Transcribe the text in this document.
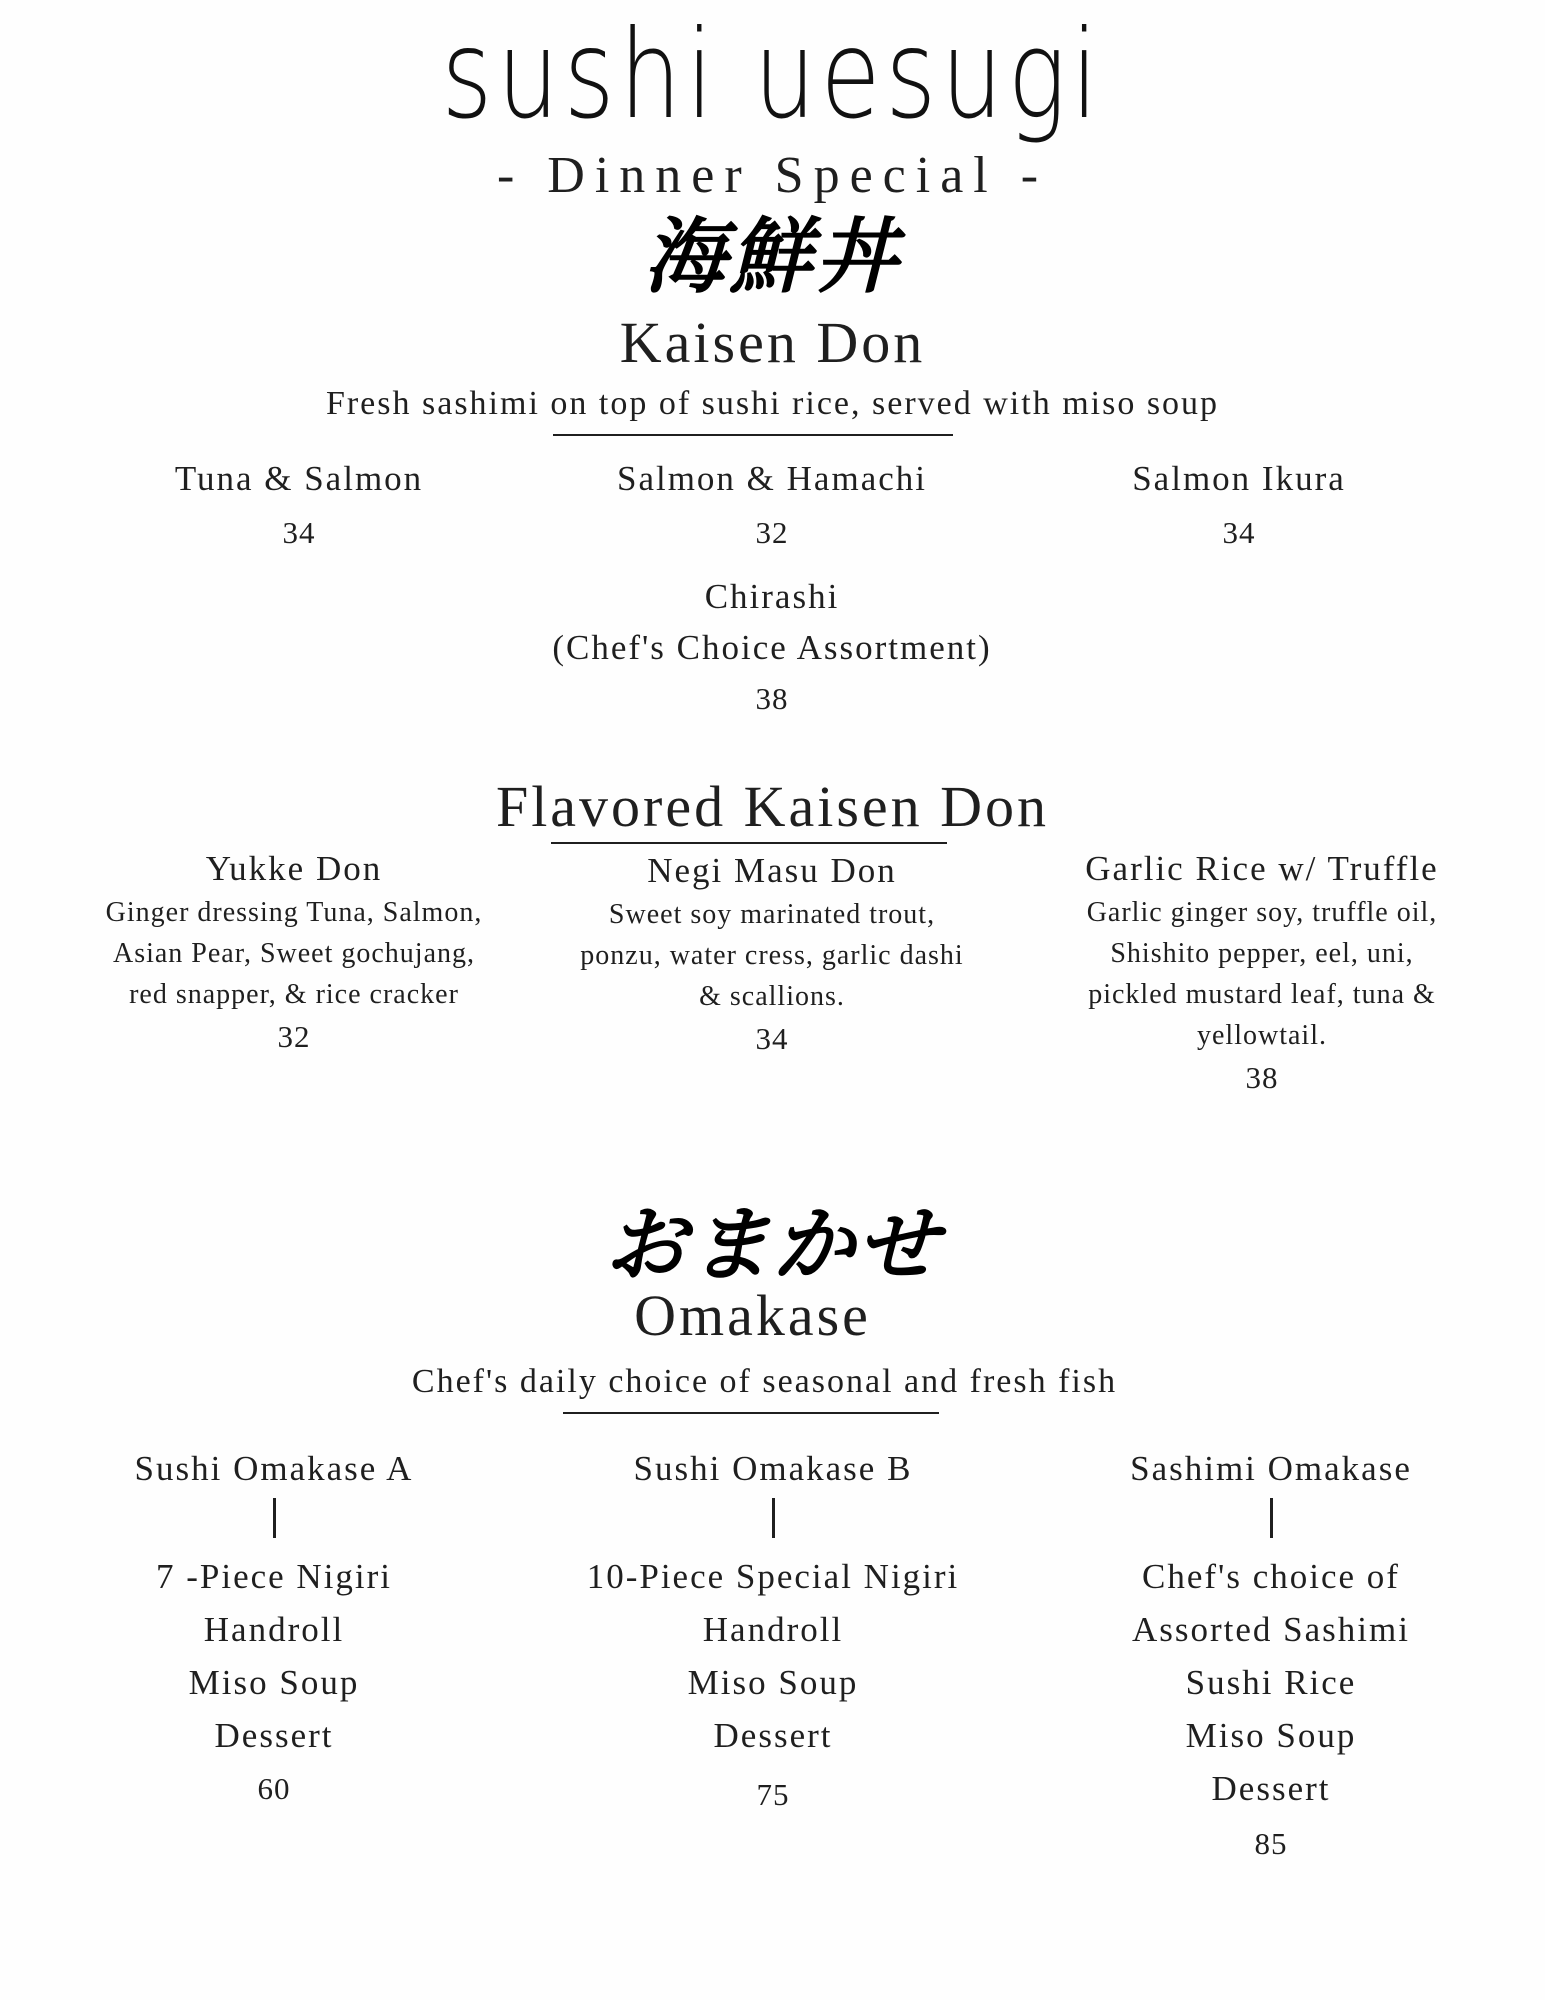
sushi uesugi
- Dinner Special -
海鮮丼
Kaisen Don
Fresh sashimi on top of sushi rice, served with miso soup
Tuna & Salmon
34
Salmon & Hamachi
32
Salmon Ikura
34
Chirashi
(Chef's Choice Assortment)
38
Flavored Kaisen Don
Yukke Don
Ginger dressing Tuna, Salmon,
Asian Pear, Sweet gochujang,
red snapper, & rice cracker
32
Negi Masu Don
Sweet soy marinated trout,
ponzu, water cress, garlic dashi
& scallions.
34
Garlic Rice w/ Truffle
Garlic ginger soy, truffle oil,
Shishito pepper, eel, uni,
pickled mustard leaf, tuna &
yellowtail.
38
おまかせ
Omakase
Chef's daily choice of seasonal and fresh fish
Sushi Omakase A
7 -Piece Nigiri
Handroll
Miso Soup
Dessert
60
Sushi Omakase B
10-Piece Special Nigiri
Handroll
Miso Soup
Dessert
75
Sashimi Omakase
Chef's choice of
Assorted Sashimi
Sushi Rice
Miso Soup
Dessert
85
